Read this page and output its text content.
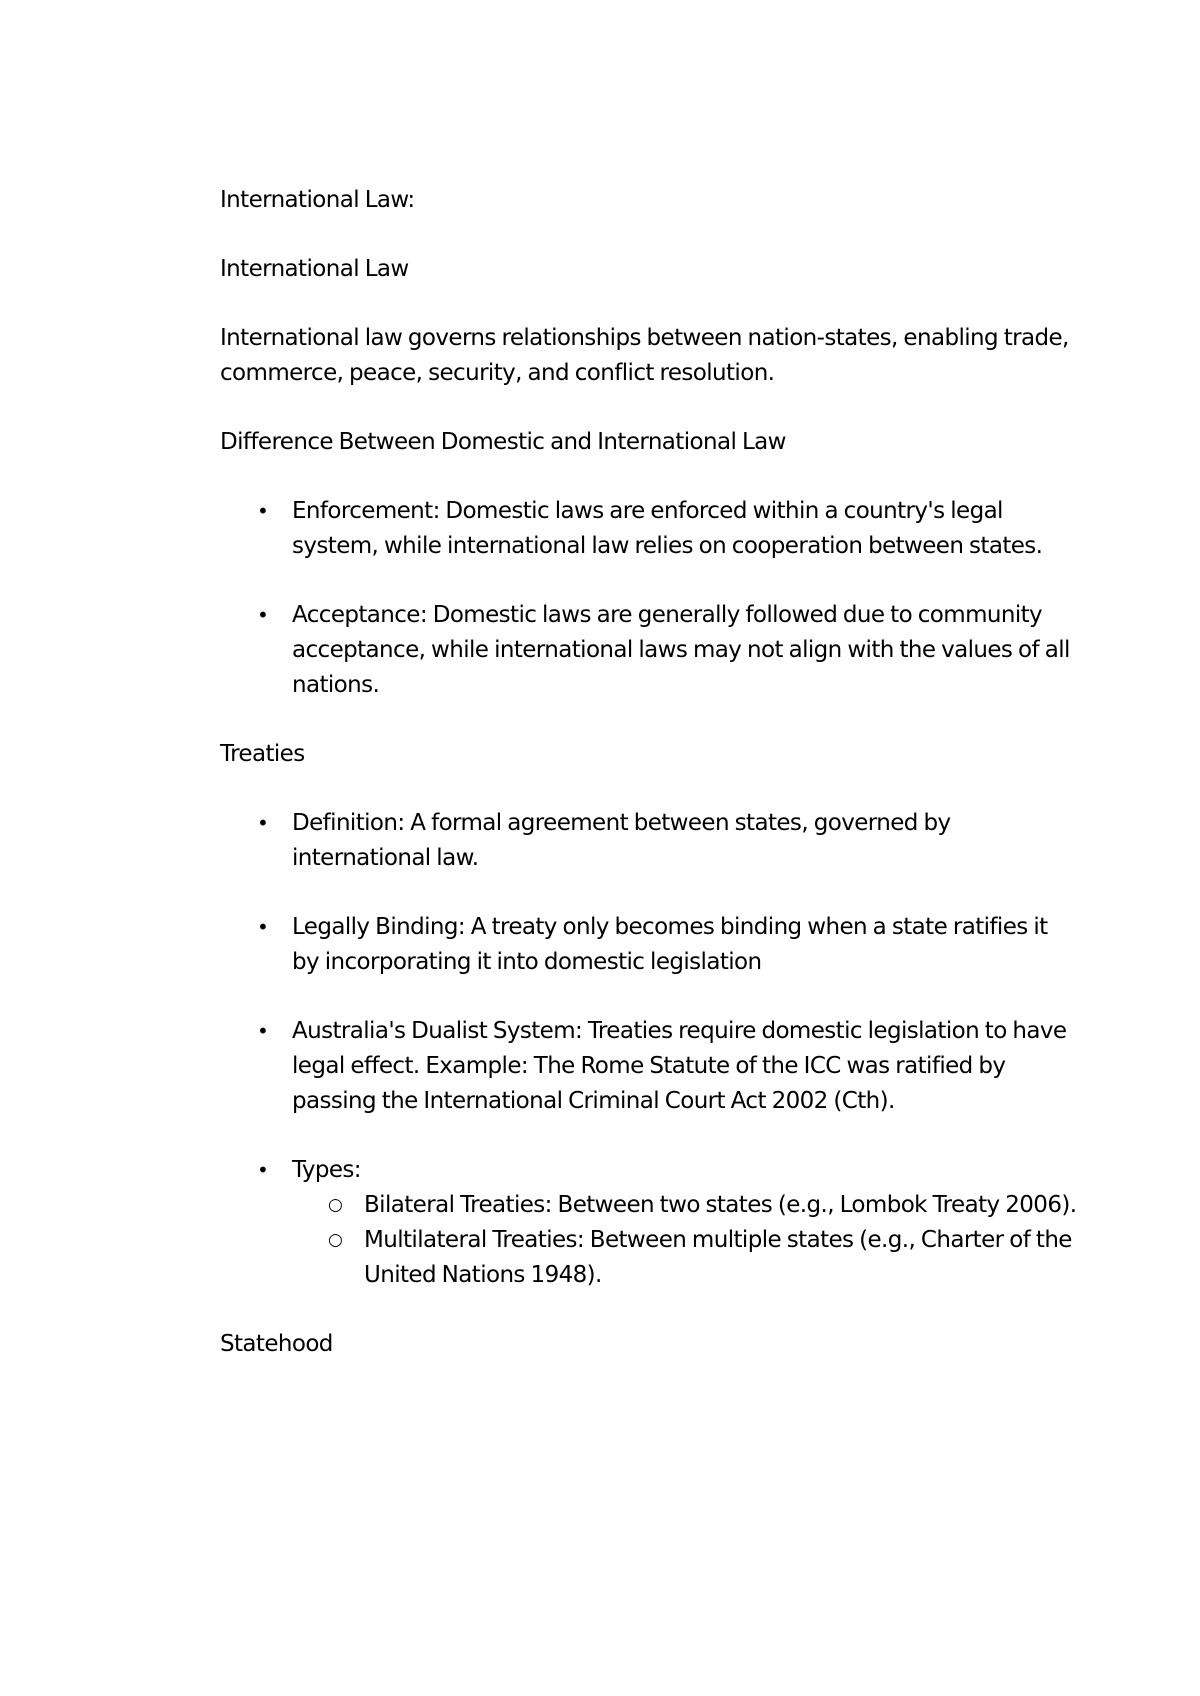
International Law:

International Law

International law governs relationships between nation-states, enabling trade, commerce, peace, security, and conflict resolution.

Difference Between Domestic and International Law

• Enforcement: Domestic laws are enforced within a country's legal system, while international law relies on cooperation between states.
• Acceptance: Domestic laws are generally followed due to community acceptance, while international laws may not align with the values of all nations.

Treaties

• Definition: A formal agreement between states, governed by international law.
• Legally Binding: A treaty only becomes binding when a state ratifies it by incorporating it into domestic legislation
• Australia's Dualist System: Treaties require domestic legislation to have legal effect. Example: The Rome Statute of the ICC was ratified by passing the International Criminal Court Act 2002 (Cth).
• Types:
○ Bilateral Treaties: Between two states (e.g., Lombok Treaty 2006).
○ Multilateral Treaties: Between multiple states (e.g., Charter of the United Nations 1948).

Statehood
